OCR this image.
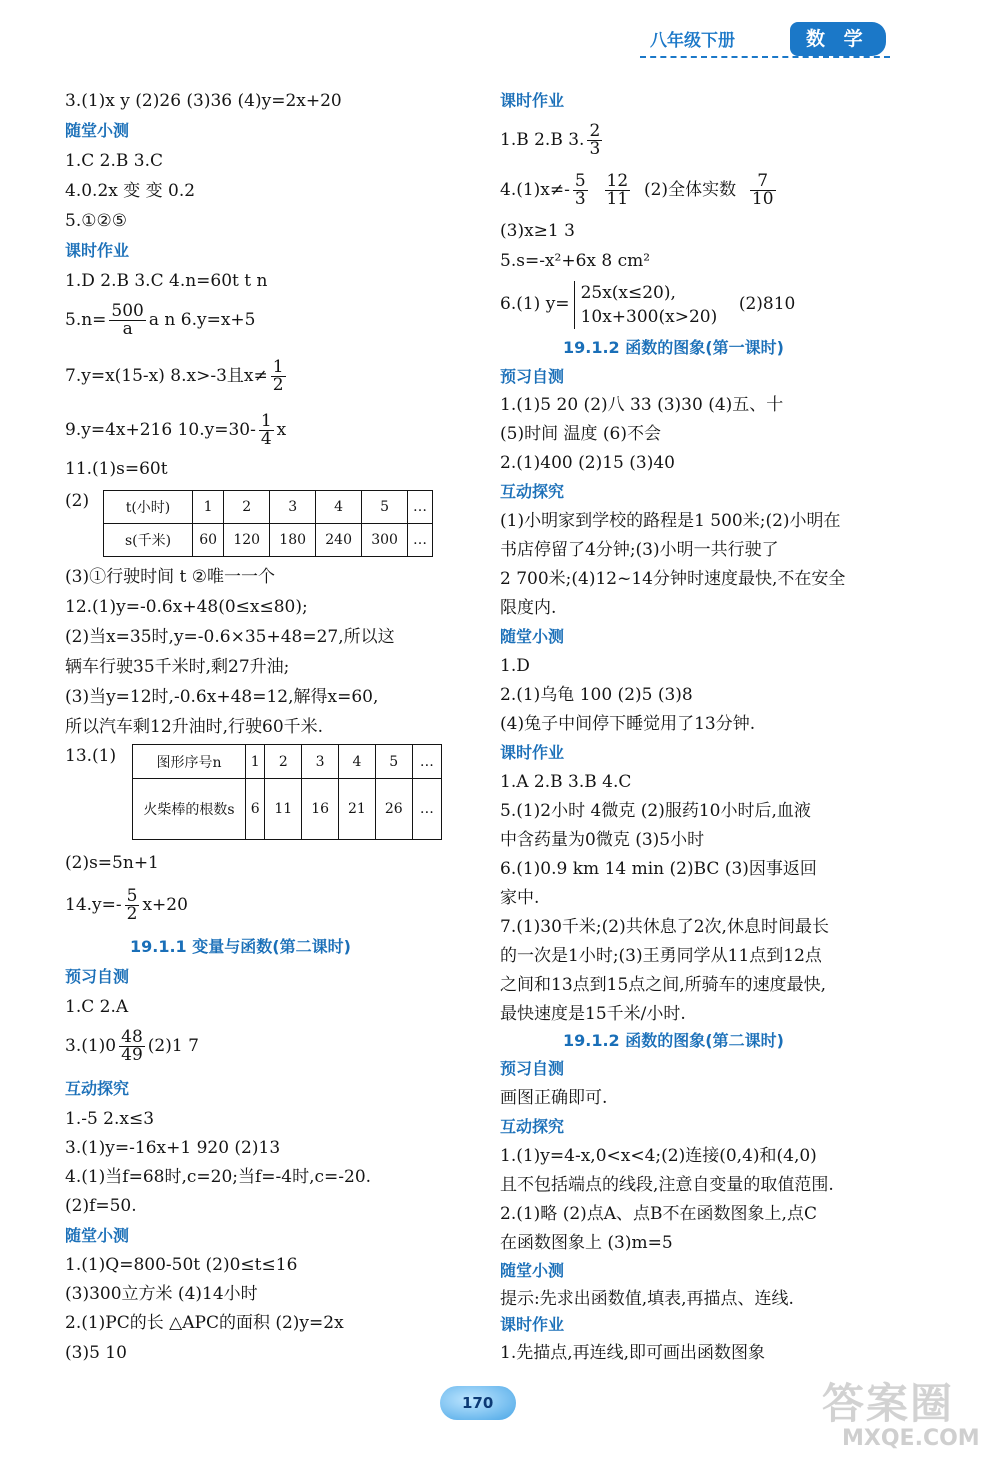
八年级下册	数 学
3.(1)x y (2)26 (3)36 (4)y=2x+20
随堂小测
1.C 2.B 3.C
4.0.2x 变 变 0.2
5.①②⑤
课时作业
1.D 2.B 3.C 4.n=60t t n
$5.n= \frac{500}{a}$ a n 6.y=x+5
7.y=x(15-x) 8.x>-3且$x\ne \frac{1}{2}$
9.y=4x+216 $10.y=30- \frac{1}{4}$ x
11.(1)s=60t
(2)	t(小时)	1	2	3	4	5	…
s(千米)	60	120	180	240	300	…
(3)①行驶时间 t ②唯一一个
12.(1)y=-0.6x+48(0≤x≤80);
(2)当x=35时,y=-0.6×35+48=27,所以这
辆车行驶35千米时,剩27升油;
(3)当y=12时,-0.6x+48=12,解得x=60,
所以汽车剩12升油时,行驶60千米.
13.(1)	图形序号n	1	2	3	4	5	…
火柴棒的根数s	6	11	16	21	26	…
(2)s=5n+1
$14.y=- \frac{5}{2} x+20$
19.1.1 变量与函数(第二课时)
预习自测
1.C 2.A
$3.(1)0 \frac{48}{49} (2)1$ 7
互动探究
1.-5 2.x≤3
3.(1)y=-16x+1 920 (2)13
4.(1)当f=68时,c=20;当f=-4时,c=-20.
(2)f=50.
随堂小测
1.(1)Q=800-50t (2)0≤t≤16
(3)300立方米 (4)14小时
2.(1)PC的长 △APC的面积 (2)y=2x
(3)5 10
课时作业
1.B 2.B 3. $\frac{2}{3}$
$4.(1)x\ne- \frac{5}{3}$
$\frac{12}{11} (2)$全体实数 $\frac{7}{10}$
(3)x≥1 3
5.s=-x²+6x 8 cm²
6.(1) y=
25x(x≤20),
10x+300(x>20)
(2)810
19.1.2 函数的图象(第一课时)
预习自测
1.(1)5 20 (2)八 33 (3)30 (4)五、十
(5)时间 温度 (6)不会
2.(1)400 (2)15 (3)40
互动探究
(1)小明家到学校的路程是1 500米;(2)小明在
书店停留了4分钟;(3)小明一共行驶了
2 700米;(4)12~14分钟时速度最快,不在安全
限度内.
随堂小测
1.D
2.(1)乌龟 100 (2)5 (3)8
(4)兔子中间停下睡觉用了13分钟.
课时作业
1.A 2.B 3.B 4.C
5.(1)2小时 4微克 (2)服药10小时后,血液
中含药量为0微克 (3)5小时
6.(1)0.9 km 14 min (2)BC (3)因事返回
家中.
7.(1)30千米;(2)共休息了2次,休息时间最长
的一次是1小时;(3)王勇同学从11点到12点
之间和13点到15点之间,所骑车的速度最快,
最快速度是15千米/小时.
19.1.2 函数的图象(第二课时)
预习自测
画图正确即可.
互动探究
1.(1)y=4-x,0<x<4;(2)连接(0,4)和(4,0)
且不包括端点的线段,注意自变量的取值范围.
2.(1)略 (2)点A、点B不在函数图象上,点C
在函数图象上 (3)m=5
随堂小测
提示:先求出函数值,填表,再描点、连线.
课时作业
1.先描点,再连线,即可画出函数图象
170	答案圈
MXQE.COM
